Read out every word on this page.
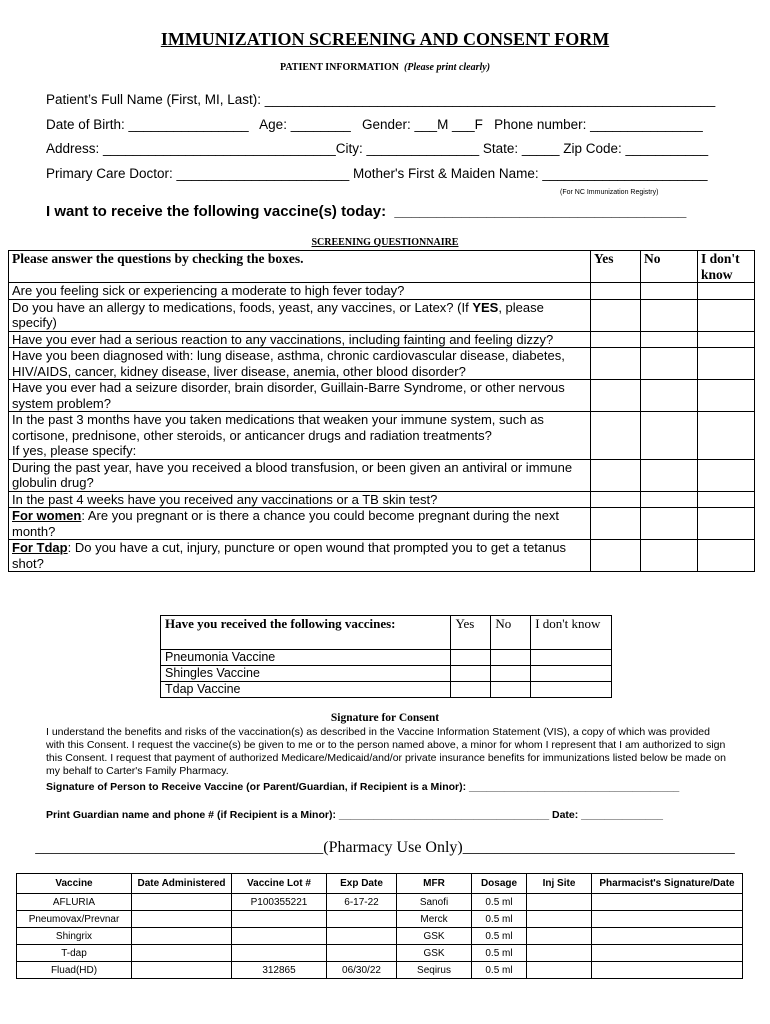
IMMUNIZATION SCREENING AND CONSENT FORM
PATIENT INFORMATION (Please print clearly)
Patient’s Full Name (First, MI, Last): ____________________________________________________________
Date of Birth: ________________   Age: ________   Gender: ___M ___F   Phone number: _______________
Address: _______________________________City: _______________ State: _____ Zip Code: ___________
Primary Care Doctor: _______________________ Mother's First & Maiden Name: ______________________
(For NC Immunization Registry)
I want to receive the following vaccine(s) today:  ___________________________________
SCREENING QUESTIONNAIRE
Please answer the questions by checking the boxes.	Yes	No	I don't know
Are you feeling sick or experiencing a moderate to high fever today?			
Do you have an allergy to medications, foods, yeast, any vaccines, or Latex? (If YES, please specify)			
Have you ever had a serious reaction to any vaccinations, including fainting and feeling dizzy?			
Have you been diagnosed with: lung disease, asthma, chronic cardiovascular disease, diabetes, HIV/AIDS, cancer, kidney disease, liver disease, anemia, other blood disorder?			
Have you ever had a seizure disorder, brain disorder, Guillain-Barre Syndrome, or other nervous system problem?			
In the past 3 months have you taken medications that weaken your immune system, such as cortisone, prednisone, other steroids, or anticancer drugs and radiation treatments?
If yes, please specify:			
During the past year, have you received a blood transfusion, or been given an antiviral or immune globulin drug?			
In the past 4 weeks have you received any vaccinations or a TB skin test?			
For women: Are you pregnant or is there a chance you could become pregnant during the next month?			
For Tdap: Do you have a cut, injury, puncture or open wound that prompted you to get a tetanus shot?			
Have you received the following vaccines:	Yes	No	I don't know
Pneumonia Vaccine			
Shingles Vaccine			
Tdap Vaccine			
Signature for Consent
I understand the benefits and risks of the vaccination(s) as described in the Vaccine Information Statement (VIS), a copy of which was provided with this Consent. I request the vaccine(s) be given to me or to the person named above, a minor for whom I represent that I am authorized to sign this Consent. I request that payment of authorized Medicare/Medicaid/and/or private insurance benefits for immunizations listed below be made on my behalf to Carter's Family Pharmacy.
Signature of Person to Receive Vaccine (or Parent/Guardian, if Recipient is a Minor): ____________________________________
Print Guardian name and phone # (if Recipient is a Minor): ____________________________________ Date: ______________
____________________________________(Pharmacy Use Only)__________________________________
Vaccine	Date Administered	Vaccine Lot #	Exp Date	MFR	Dosage	Inj Site	Pharmacist's Signature/Date
AFLURIA		P100355221	6-17-22	Sanofi	0.5 ml		
Pneumovax/Prevnar				Merck	0.5 ml		
Shingrix				GSK	0.5 ml		
T-dap				GSK	0.5 ml		
Fluad(HD)		312865	06/30/22	Seqirus	0.5 ml		
